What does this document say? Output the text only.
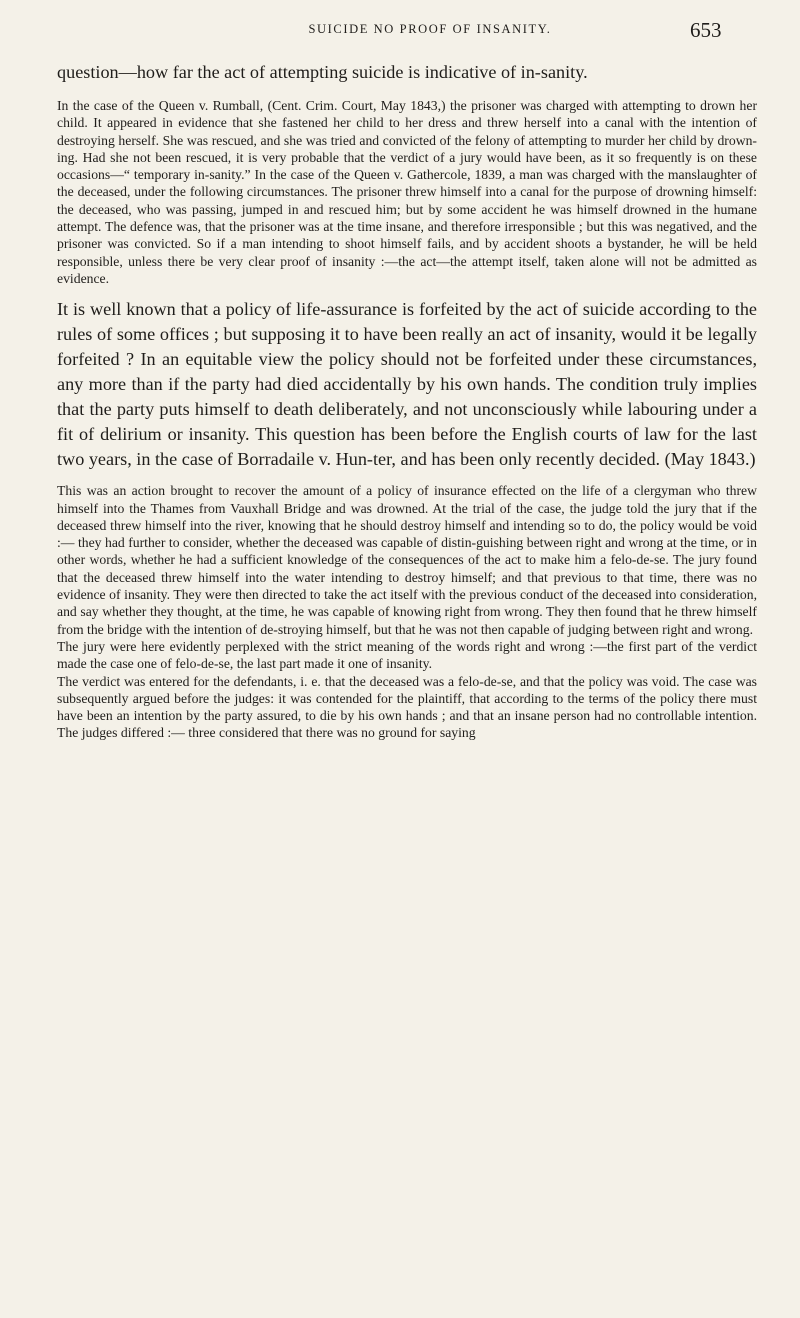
SUICIDE NO PROOF OF INSANITY.	653

question—how far the act of attempting suicide is indicative of in-sanity.

In the case of the Queen v. Rumball, (Cent. Crim. Court, May 1843,) the prisoner was charged with attempting to drown her child. It appeared in evidence that she fastened her child to her dress and threw herself into a canal with the intention of destroying herself. She was rescued, and she was tried and convicted of the felony of attempting to murder her child by drown-ing. Had she not been rescued, it is very probable that the verdict of a jury would have been, as it so frequently is on these occasions—“ temporary in-sanity.” In the case of the Queen v. Gathercole, 1839, a man was charged with the manslaughter of the deceased, under the following circumstances. The prisoner threw himself into a canal for the purpose of drowning himself: the deceased, who was passing, jumped in and rescued him; but by some accident he was himself drowned in the humane attempt. The defence was, that the prisoner was at the time insane, and therefore irresponsible ; but this was negatived, and the prisoner was convicted. So if a man intending to shoot himself fails, and by accident shoots a bystander, he will be held responsible, unless there be very clear proof of insanity :—the act—the attempt itself, taken alone will not be admitted as evidence.

It is well known that a policy of life-assurance is forfeited by the act of suicide according to the rules of some offices ; but supposing it to have been really an act of insanity, would it be legally forfeited ? In an equitable view the policy should not be forfeited under these circumstances, any more than if the party had died accidentally by his own hands. The condition truly implies that the party puts himself to death deliberately, and not unconsciously while labouring under a fit of delirium or insanity. This question has been before the English courts of law for the last two years, in the case of Borradaile v. Hun-ter, and has been only recently decided. (May 1843.)

This was an action brought to recover the amount of a policy of insurance effected on the life of a clergyman who threw himself into the Thames from Vauxhall Bridge and was drowned. At the trial of the case, the judge told the jury that if the deceased threw himself into the river, knowing that he should destroy himself and intending so to do, the policy would be void :— they had further to consider, whether the deceased was capable of distin-guishing between right and wrong at the time, or in other words, whether he had a sufficient knowledge of the consequences of the act to make him a felo-de-se. The jury found that the deceased threw himself into the water intending to destroy himself; and that previous to that time, there was no evidence of insanity. They were then directed to take the act itself with the previous conduct of the deceased into consideration, and say whether they thought, at the time, he was capable of knowing right from wrong. They then found that he threw himself from the bridge with the intention of de-stroying himself, but that he was not then capable of judging between right and wrong.

The jury were here evidently perplexed with the strict meaning of the words right and wrong :—the first part of the verdict made the case one of felo-de-se, the last part made it one of insanity.

The verdict was entered for the defendants, i. e. that the deceased was a felo-de-se, and that the policy was void. The case was subsequently argued before the judges: it was contended for the plaintiff, that according to the terms of the policy there must have been an intention by the party assured, to die by his own hands ; and that an insane person had no controllable intention. The judges differed :— three considered that there was no ground for saying
